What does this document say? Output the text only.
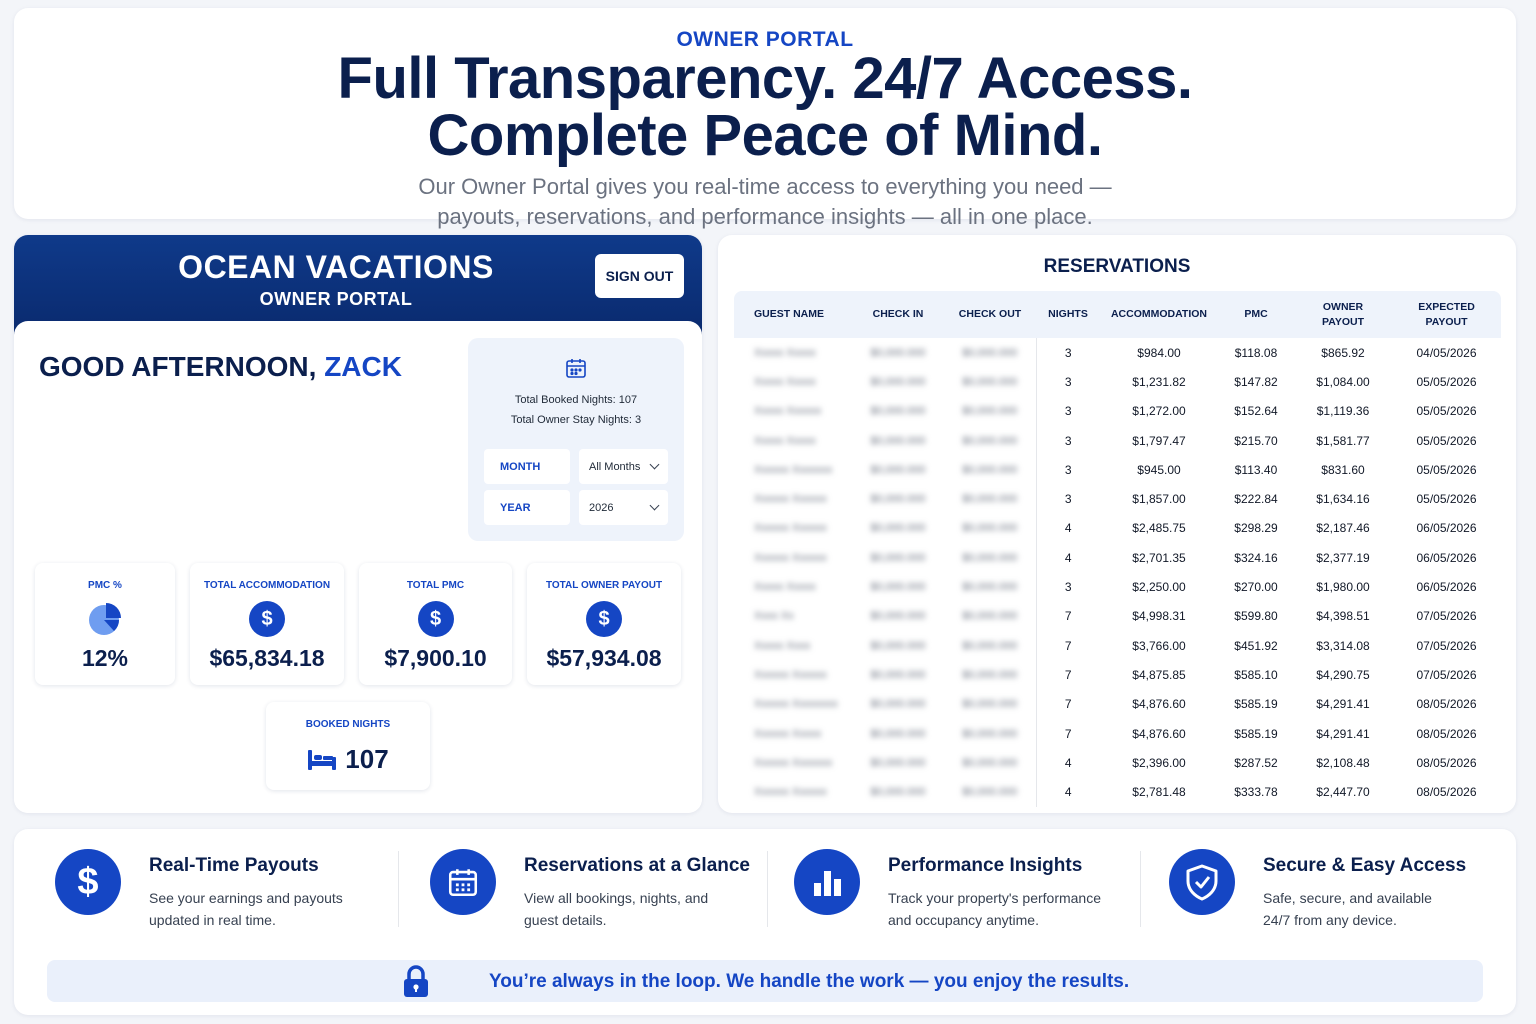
OWNER PORTAL
Full Transparency. 24/7 Access.
Complete Peace of Mind.
Our Owner Portal gives you real-time access to everything you need —
payouts, reservations, and performance insights — all in one place.
OCEAN VACATIONS
OWNER PORTAL
SIGN OUT
GOOD AFTERNOON, ZACK
Total Booked Nights: 107
Total Owner Stay Nights: 3
MONTH	All Months
YEAR	2026
PMC %
12%
TOTAL ACCOMMODATION
$
$65,834.18
TOTAL PMC
$
$7,900.10
TOTAL OWNER PAYOUT
$
$57,934.08
BOOKED NIGHTS
107
RESERVATIONS
GUEST NAME	CHECK IN	CHECK OUT	NIGHTS	ACCOMMODATION	PMC	OWNER PAYOUT	EXPECTED PAYOUT
Xxxxx Xxxxx	$0,000.000	$0,000.000	3	$984.00	$118.08	$865.92	04/05/2026
Xxxxx Xxxxx	$0,000.000	$0,000.000	3	$1,231.82	$147.82	$1,084.00	05/05/2026
Xxxxx Xxxxxx	$0,000.000	$0,000.000	3	$1,272.00	$152.64	$1,119.36	05/05/2026
Xxxxx Xxxxx	$0,000.000	$0,000.000	3	$1,797.47	$215.70	$1,581.77	05/05/2026
Xxxxxx Xxxxxxx	$0,000.000	$0,000.000	3	$945.00	$113.40	$831.60	05/05/2026
Xxxxxx Xxxxxx	$0,000.000	$0,000.000	3	$1,857.00	$222.84	$1,634.16	05/05/2026
Xxxxxx Xxxxxx	$0,000.000	$0,000.000	4	$2,485.75	$298.29	$2,187.46	06/05/2026
Xxxxxx Xxxxxx	$0,000.000	$0,000.000	4	$2,701.35	$324.16	$2,377.19	06/05/2026
Xxxxx Xxxxx	$0,000.000	$0,000.000	3	$2,250.00	$270.00	$1,980.00	06/05/2026
Xxxx Xx	$0,000.000	$0,000.000	7	$4,998.31	$599.80	$4,398.51	07/05/2026
Xxxxx Xxxx	$0,000.000	$0,000.000	7	$3,766.00	$451.92	$3,314.08	07/05/2026
Xxxxxx Xxxxxx	$0,000.000	$0,000.000	7	$4,875.85	$585.10	$4,290.75	07/05/2026
Xxxxxx Xxxxxxxx	$0,000.000	$0,000.000	7	$4,876.60	$585.19	$4,291.41	08/05/2026
Xxxxxx Xxxxx	$0,000.000	$0,000.000	7	$4,876.60	$585.19	$4,291.41	08/05/2026
Xxxxxx Xxxxxxx	$0,000.000	$0,000.000	4	$2,396.00	$287.52	$2,108.48	08/05/2026
Xxxxxx Xxxxxx	$0,000.000	$0,000.000	4	$2,781.48	$333.78	$2,447.70	08/05/2026
$	Real-Time Payouts
See your earnings and payouts updated in real time.
Reservations at a Glance
View all bookings, nights, and guest details.
Performance Insights
Track your property's performance and occupancy anytime.
Secure & Easy Access
Safe, secure, and available 24/7 from any device.
You’re always in the loop. We handle the work — you enjoy the results.
